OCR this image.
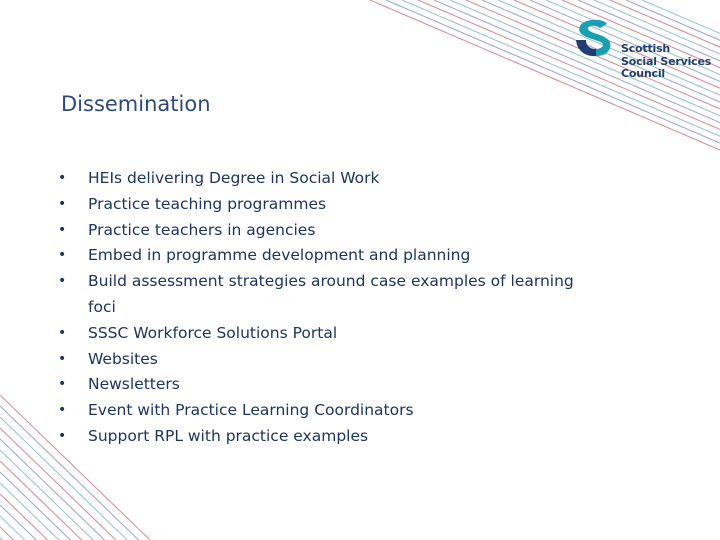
Scottish
Social Services
Council
Dissemination
• HEIs delivering Degree in Social Work
• Practice teaching programmes
• Practice teachers in agencies
• Embed in programme development and planning
• Build assessment strategies around case examples of learning foci
• SSSC Workforce Solutions Portal
• Websites
• Newsletters
• Event with Practice Learning Coordinators
• Support RPL with practice examples
